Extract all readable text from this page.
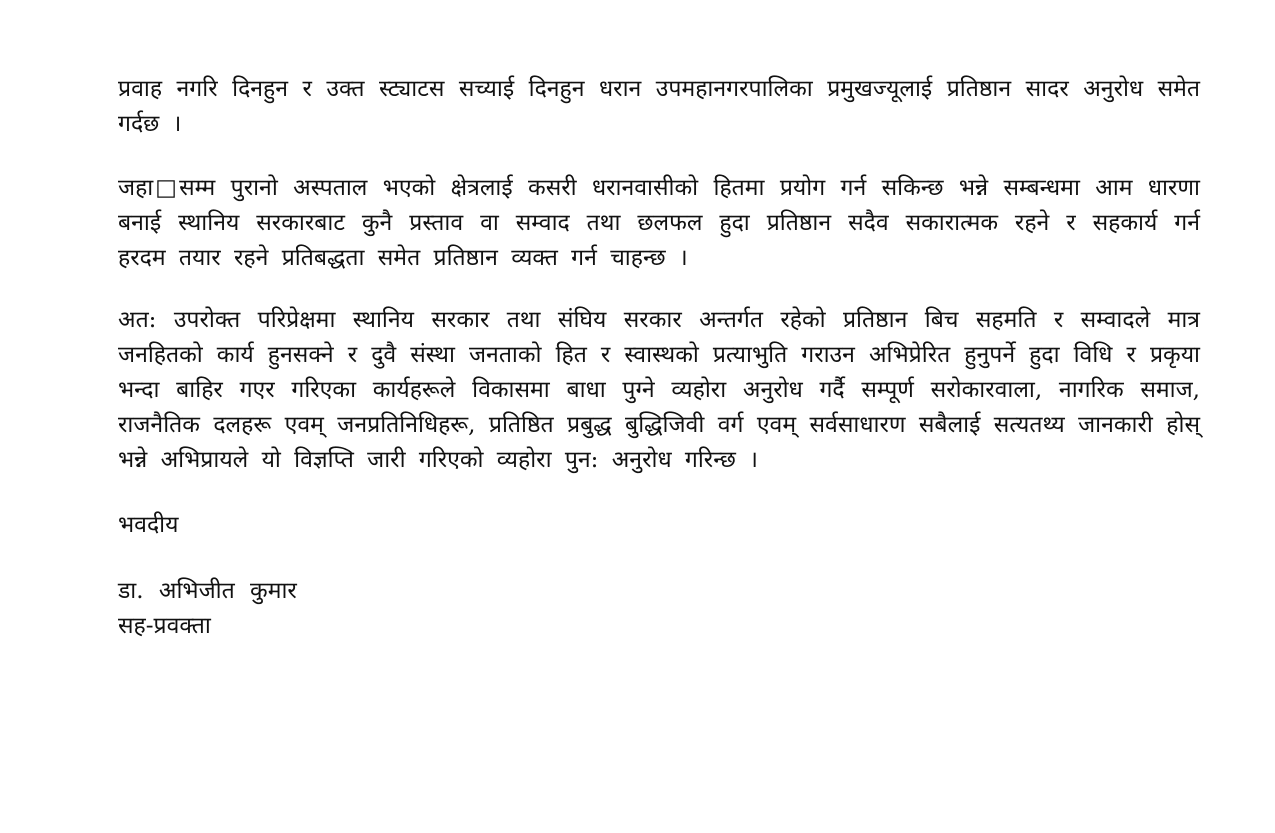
प्रवाह नगरि दिनहुन र उक्त स्ट्याटस सच्याई दिनहुन धरान उपमहानगरपालिका प्रमुखज्यूलाई प्रतिष्ठान सादर अनुरोध समेत गर्दछ ।

जहा□सम्म पुरानो अस्पताल भएको क्षेत्रलाई कसरी धरानवासीको हितमा प्रयोग गर्न सकिन्छ भन्ने सम्बन्धमा आम धारणा बनाई स्थानिय सरकारबाट कुनै प्रस्ताव वा सम्वाद तथा छलफल हुदा प्रतिष्ठान सदैव सकारात्मक रहने र सहकार्य गर्न हरदम तयार रहने प्रतिबद्धता समेत प्रतिष्ठान व्यक्त गर्न चाहन्छ ।

अत: उपरोक्त परिप्रेक्षमा स्थानिय सरकार तथा संघिय सरकार अन्तर्गत रहेको प्रतिष्ठान बिच सहमति र सम्वादले मात्र जनहितको कार्य हुनसक्ने र दुवै संस्था जनताको हित र स्वास्थको प्रत्याभुति गराउन अभिप्रेरित हुनुपर्ने हुदा विधि र प्रकृया भन्दा बाहिर गएर गरिएका कार्यहरूले विकासमा बाधा पुग्ने व्यहोरा अनुरोध गर्दै सम्पूर्ण सरोकारवाला, नागरिक समाज, राजनैतिक दलहरू एवम् जनप्रतिनिधिहरू, प्रतिष्ठित प्रबुद्ध बुद्धिजिवी वर्ग एवम् सर्वसाधारण सबैलाई सत्यतथ्य जानकारी होस् भन्ने अभिप्रायले यो विज्ञप्ति जारी गरिएको व्यहोरा पुन: अनुरोध गरिन्छ ।

भवदीय

डा. अभिजीत कुमार

सह-प्रवक्ता
